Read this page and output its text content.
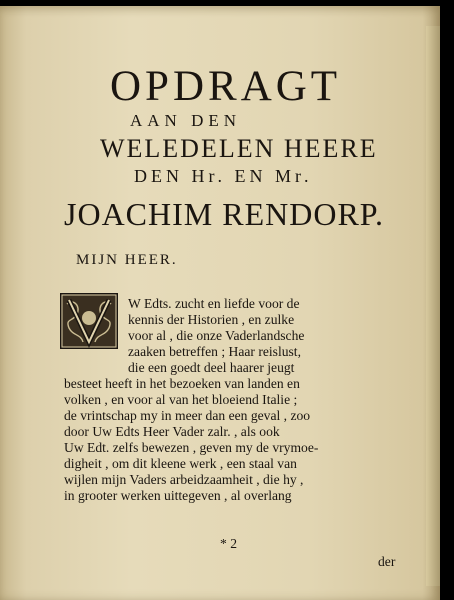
OPDRAGT
AAN DEN
WELEDELEN HEERE
DEN Hr. EN Mr.
JOACHIM RENDORP.
MIJN HEER.
W Edts. zucht en liefde voor de
kennis der Historien , en zulke
voor al , die onze Vaderlandsche
zaaken betreffen ; Haar reislust,
die een goedt deel haarer jeugt
besteet heeft in het bezoeken van landen en
volken , en voor al van het bloeiend Italie ;
de vrintschap my in meer dan een geval , zoo
door Uw Edts Heer Vader zalr. , als ook
Uw Edt. zelfs bewezen , geven my de vrymoe-
digheit , om dit kleene werk , een staal van
wijlen mijn Vaders arbeidzaamheit , die hy ,
in grooter werken uittegeven , al overlang
* 2
der
